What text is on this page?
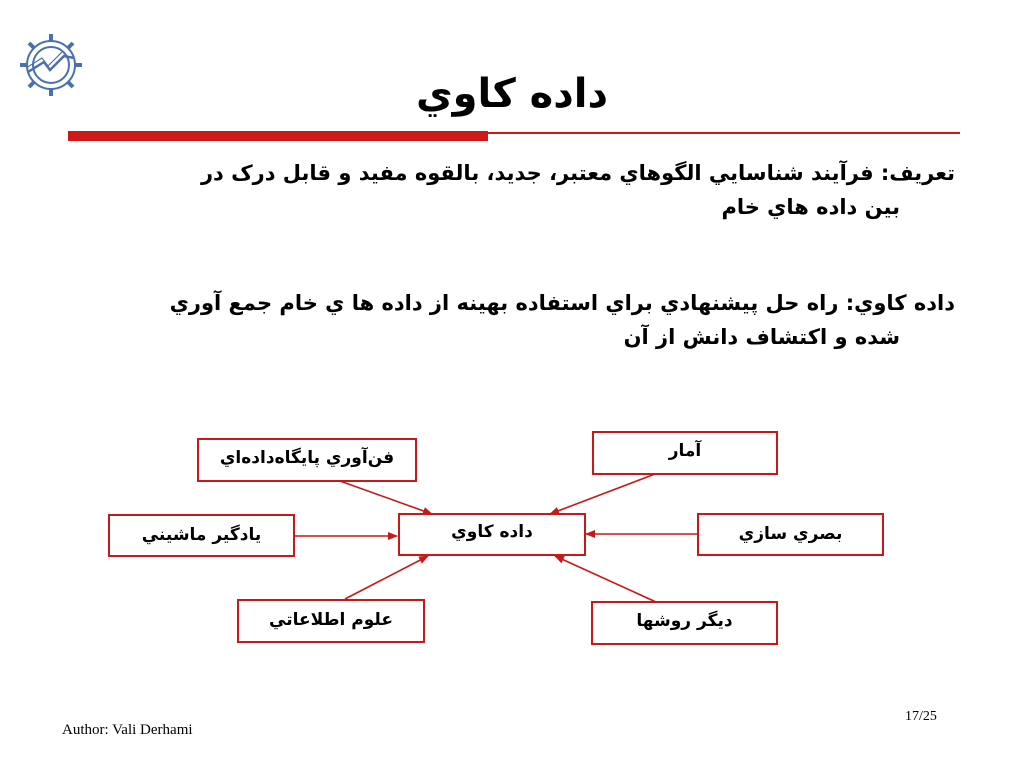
داده كاوي
تعريف: فرآيند شناسايي الگوهاي معتبر، جديد، بالقوه مفيد و قابل درک در
بين داده هاي خام
داده كاوي: راه حل پيشنهادي براي استفاده بهينه از داده ها ي خام جمع آوري
شده و اكتشاف دانش از آن
فن‌آوري پايگاه‌داده‌اي	آمار
يادگير ماشيني	داده كاوي	بصري سازي
علوم اطلاعاتي	ديگر روشها
Author: Vali Derhami
17/25
